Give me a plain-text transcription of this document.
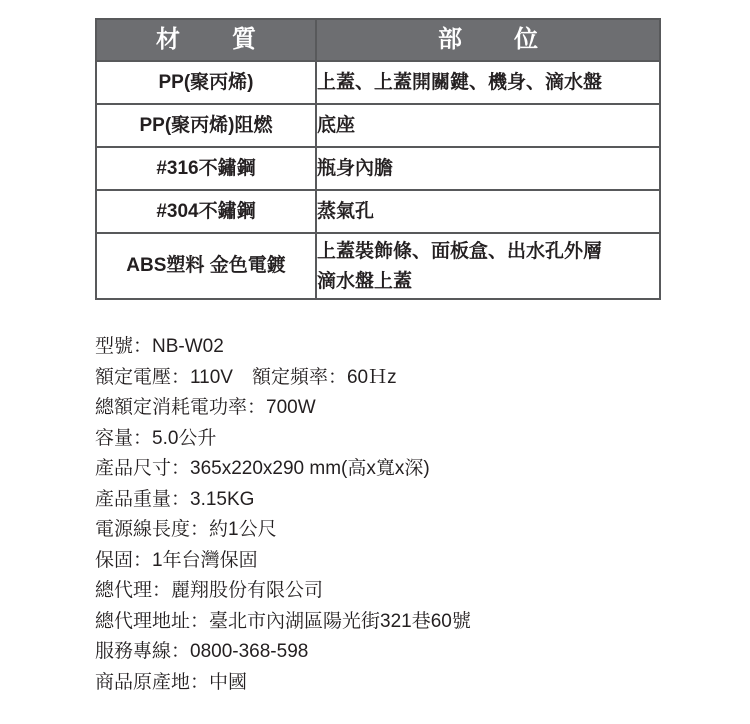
材　質	部　位
PP(聚丙烯)	上蓋、上蓋開關鍵、機身、滴水盤
PP(聚丙烯)阻燃	底座
#316不鏽鋼	瓶身內膽
#304不鏽鋼	蒸氣孔
ABS塑料 金色電鍍	上蓋裝飾條、面板盒、出水孔外層
滴水盤上蓋
型號：NB-W02
額定電壓：110V　額定頻率：60Ｈz
總額定消耗電功率：700W
容量：5.0公升
產品尺寸：365x220x290 mm(高x寬x深)
產品重量：3.15KG
電源線長度：約1公尺
保固：1年台灣保固
總代理：麗翔股份有限公司
總代理地址：臺北市內湖區陽光街321巷60號
服務專線：0800-368-598
商品原產地：中國
